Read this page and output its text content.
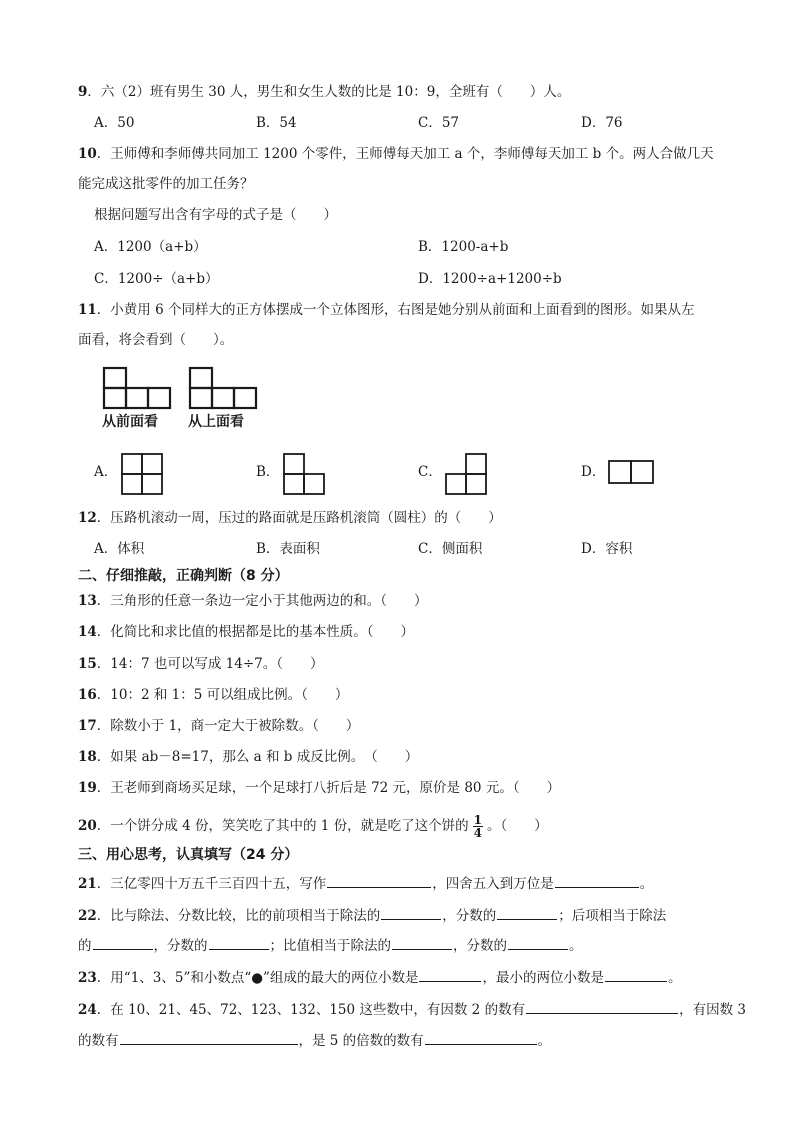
9．六（2）班有男生 30 人，男生和女生人数的比是 10：9，全班有（　　）人。
A．50	B．54	C．57	D．76
10．王师傅和李师傅共同加工 1200 个零件，王师傅每天加工 a 个，李师傅每天加工 b 个。两人合做几天
能完成这批零件的加工任务？
根据问题写出含有字母的式子是（　　）
A．1200（a+b）	B．1200-a+b
C．1200÷（a+b）	D．1200÷a+1200÷b
11．小黄用 6 个同样大的正方体摆成一个立体图形，右图是她分别从前面和上面看到的图形。如果从左
面看，将会看到（　　）。
从前面看 从上面看
A．	B．	C．	D．
12．压路机滚动一周，压过的路面就是压路机滚筒（圆柱）的（　　）
A．体积	B．表面积	C．侧面积	D．容积
二、仔细推敲，正确判断（8 分）
13．三角形的任意一条边一定小于其他两边的和。（　　）
14．化简比和求比值的根据都是比的基本性质。（　　）
15．14：7 也可以写成 14÷7。（　　）
16．10：2 和 1：5 可以组成比例。（　　）
17．除数小于 1，商一定大于被除数。（　　）
18．如果 ab－8=17，那么 a 和 b 成反比例。　（　　）
19．王老师到商场买足球，一个足球打八折后是 72 元，原价是 80 元。（　　）
20．一个饼分成 4 份，笑笑吃了其中的 1 份，就是吃了这个饼的 $\frac{1}{4}$ 。（　　）
三、用心思考，认真填写（24 分）
21．三亿零四十万五千三百四十五，写作	，四舍五入到万位是	。
22．比与除法、分数比较，比的前项相当于除法的	，分数的	；后项相当于除法
的	，分数的	；比值相当于除法的	，分数的	。
23．用“1、3、5”和小数点“●”组成的最大的两位小数是	，最小的两位小数是	。
24．在 10、21、45、72、123、132、150 这些数中，有因数 2 的数有	，有因数 3
的数有	，是 5 的倍数的数有	。
